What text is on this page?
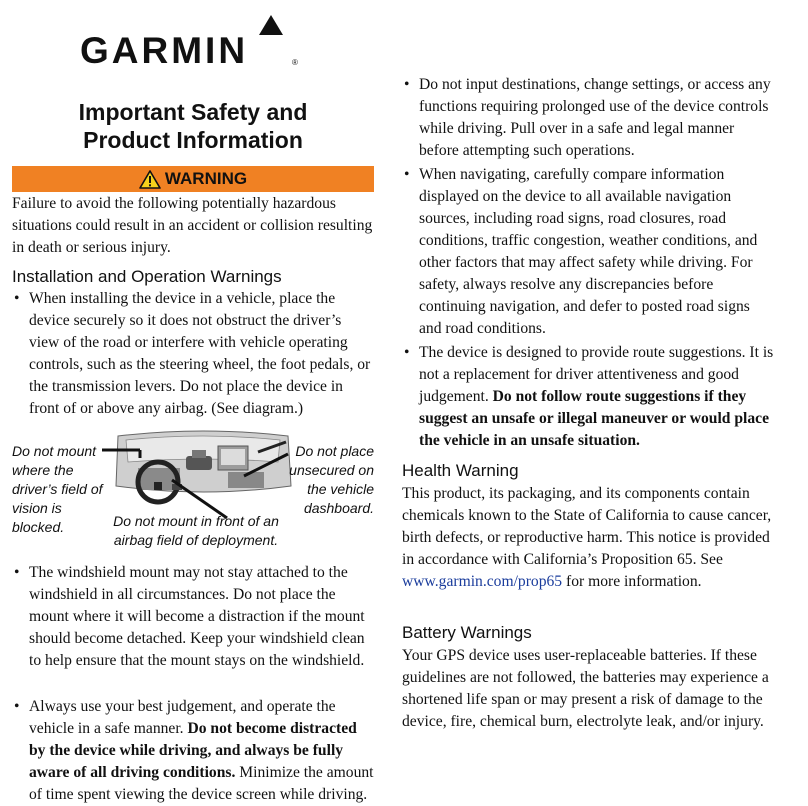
GARMIN	®
Important Safety and
Product Information
WARNING
Failure to avoid the following potentially hazardous situations could result in an accident or collision resulting in death or serious injury.
Installation and Operation Warnings
• When installing the device in a vehicle, place the device securely so it does not obstruct the driver’s view of the road or interfere with vehicle operating controls, such as the steering wheel, the foot pedals, or the transmission levers. Do not place the device in front of or above any airbag. (See diagram.)

Do not mount where the driver’s field of vision is blocked.
Do not place unsecured on the vehicle dashboard.
Do not mount in front of an airbag field of deployment.
• The windshield mount may not stay attached to the windshield in all circumstances. Do not place the mount where it will become a distraction if the mount should become detached. Keep your windshield clean to help ensure that the mount stays on the windshield.

• Always use your best judgement, and operate the vehicle in a safe manner. Do not become distracted by the device while driving, and always be fully aware of all driving conditions. Minimize the amount of time spent viewing the device screen while driving.

• Do not input destinations, change settings, or access any functions requiring prolonged use of the device controls while driving. Pull over in a safe and legal manner before attempting such operations.

• When navigating, carefully compare information displayed on the device to all available navigation sources, including road signs, road closures, road conditions, traffic congestion, weather conditions, and other factors that may affect safety while driving. For safety, always resolve any discrepancies before continuing navigation, and defer to posted road signs and road conditions.

• The device is designed to provide route suggestions. It is not a replacement for driver attentiveness and good judgement. Do not follow route suggestions if they suggest an unsafe or illegal maneuver or would place the vehicle in an unsafe situation.

Health Warning
This product, its packaging, and its components contain chemicals known to the State of California to cause cancer, birth defects, or reproductive harm. This notice is provided in accordance with California’s Proposition 65. See www.garmin.com/prop65 for more information.
Battery Warnings
Your GPS device uses user-replaceable batteries. If these guidelines are not followed, the batteries may experience a shortened life span or may present a risk of damage to the device, fire, chemical burn, electrolyte leak, and/or injury.
